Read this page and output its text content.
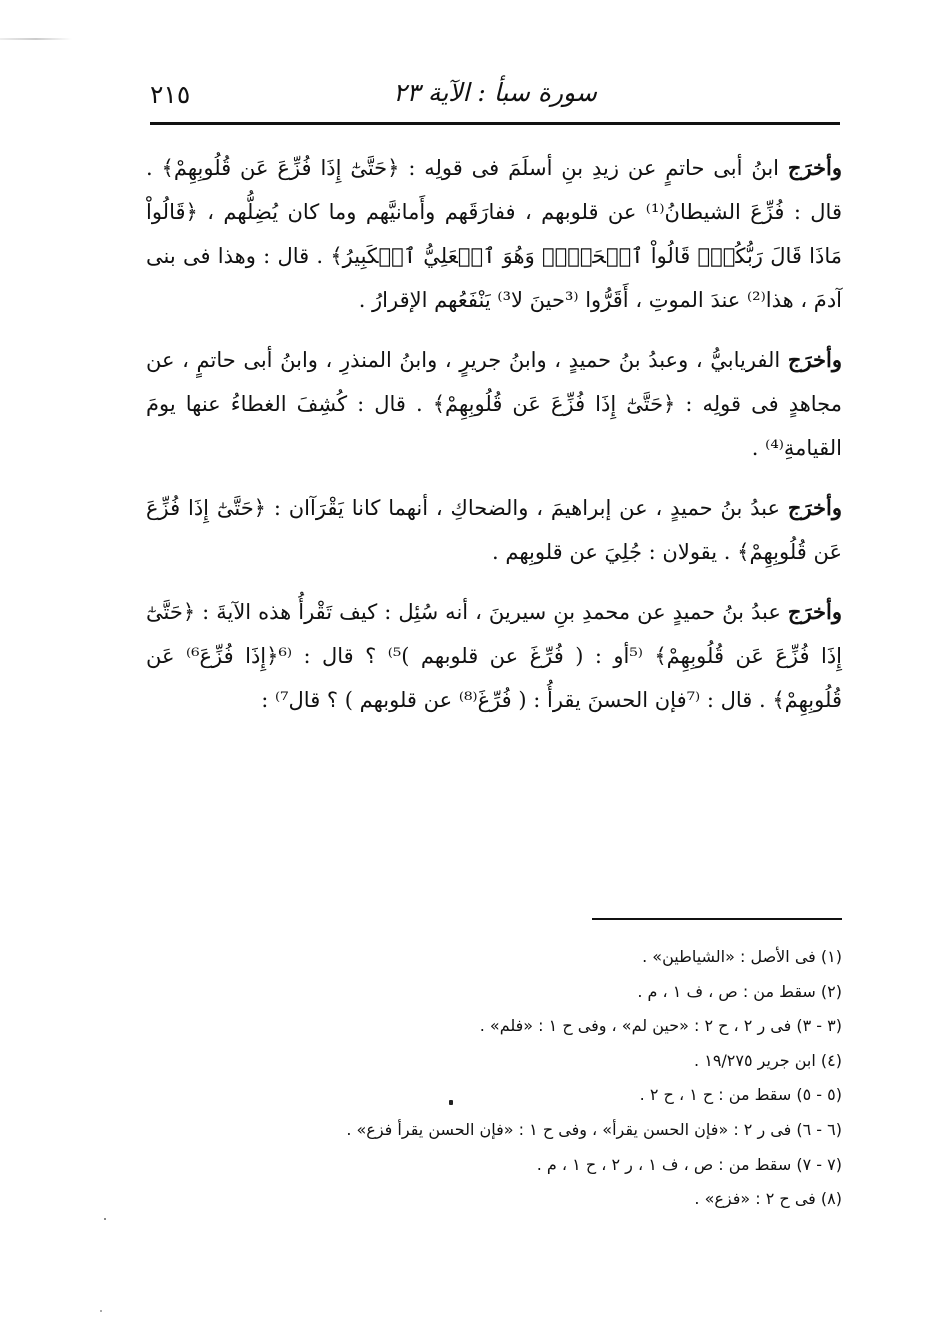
سورة سبأ : الآية ٢٣
٢١٥

وأخرَج ابنُ أبى حاتمٍ عن زيدِ بنِ أسلَمَ فى قولِه : ﴿حَتَّىٰٓ إِذَا فُزِّعَ عَن قُلُوبِهِمْ﴾ . قال : فُزِّعَ الشيطانُ⁽¹⁾ عن قلوبهم ، ففارَقَهم وأَمانيَّهم وما كان يُضِلُّهم ، ﴿قَالُواْ مَاذَا قَالَ رَبُّكُمْۖ قَالُواْ ٱلۡحَقَّۖ وَهُوَ ٱلۡعَلِيُّ ٱلۡكَبِيرُ﴾ . قال : وهذا فى بنى آدمَ ، هذا⁽²⁾ عندَ الموتِ ، أَقَرُّوا ⁽³حينَ لا³⁾ يَنْفَعُهم الإقرارُ .

وأخرَج الفريابيُّ ، وعبدُ بنُ حميدٍ ، وابنُ جريرٍ ، وابنُ المنذرِ ، وابنُ أبى حاتمٍ ، عن مجاهدٍ فى قولِه : ﴿حَتَّىٰٓ إِذَا فُزِّعَ عَن قُلُوبِهِمْ﴾ . قال : كُشِفَ الغطاءُ عنها يومَ القيامةِ⁽⁴⁾ .

وأخرَج عبدُ بنُ حميدٍ ، عن إبراهيمَ ، والضحاكِ ، أنهما كانا يَقْرَآان : ﴿حَتَّىٰٓ إِذَا فُزِّعَ عَن قُلُوبِهِمْ﴾ . يقولان : جُلِيَ عن قلوبِهم .

وأخرَج عبدُ بنُ حميدٍ عن محمدِ بنِ سيرينَ ، أنه سُئِل : كيف تَقْرأُ هذه الآيةَ : ﴿حَتَّىٰٓ إِذَا فُزِّعَ عَن قُلُوبِهِمْ﴾ ⁽⁵أو : ( فُرِّغَ عن قلوبهم )⁵⁾ ؟ قال : ⁽⁶﴿إِذَا فُزِّعَ⁶⁾ عَن قُلُوبِهِمْ﴾ . قال : ⁽⁷فإن الحسنَ يقرأُ : ( فُرِّغَ⁽⁸⁾ عن قلوبهم ) ؟ قال⁷⁾ :

(١) فى الأصل : «الشياطين» .

(٢) سقط من : ص ، ف ١ ، م .

(٣ - ٣) فى ر ٢ ، ح ٢ : «حين لم» ، وفى ح ١ : «فلم» .

(٤) ابن جرير ١٩/٢٧٥ .

(٥ - ٥) سقط من : ح ١ ، ح ٢ .

(٦ - ٦) فى ر ٢ : «فإن الحسن يقرأ» ، وفى ح ١ : «فإن الحسن يقرأ فزع» .

(٧ - ٧) سقط من : ص ، ف ١ ، ر ٢ ، ح ١ ، م .

(٨) فى ح ٢ : «فزع» .
